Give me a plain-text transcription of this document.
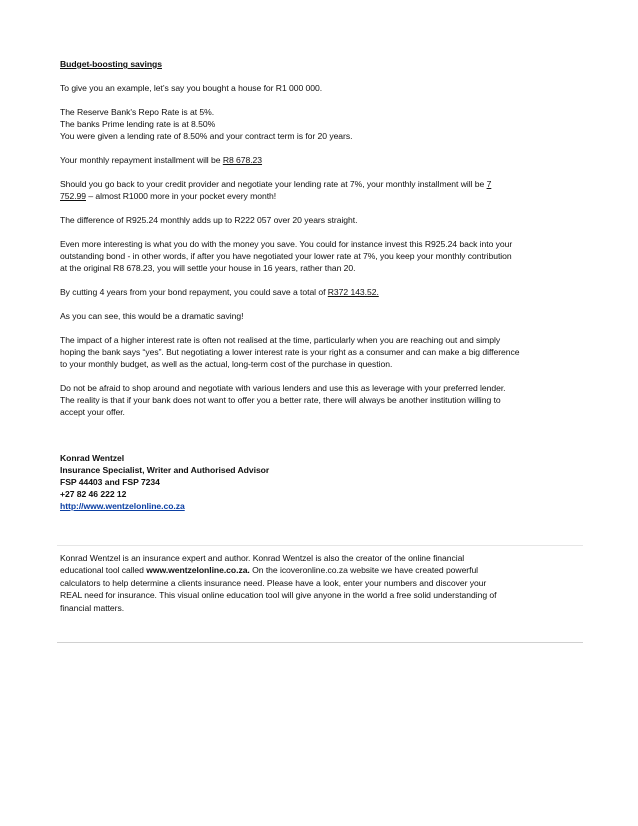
Budget-boosting savings

To give you an example, let’s say you bought a house for R1 000 000.

The Reserve Bank's Repo Rate is at 5%.

The banks Prime lending rate is at 8.50%

You were given a lending rate of 8.50% and your contract term is for 20 years.

Your monthly repayment installment will be R8 678.23

Should you go back to your credit provider and negotiate your lending rate at 7%, your monthly installment will be 7
752.99 – almost R1000 more in your pocket every month!

The difference of R925.24 monthly adds up to R222 057 over 20 years straight.

Even more interesting is what you do with the money you save. You could for instance invest this R925.24 back into your

outstanding bond - in other words, if after you have negotiated your lower rate at 7%, you keep your monthly contribution

at the original R8 678.23, you will settle your house in 16 years, rather than 20.

By cutting 4 years from your bond repayment, you could save a total of R372 143.52.

As you can see, this would be a dramatic saving!

The impact of a higher interest rate is often not realised at the time, particularly when you are reaching out and simply

hoping the bank says “yes”. But negotiating a lower interest rate is your right as a consumer and can make a big difference

to your monthly budget, as well as the actual, long-term cost of the purchase in question.

Do not be afraid to shop around and negotiate with various lenders and use this as leverage with your preferred lender.

The reality is that if your bank does not want to offer you a better rate, there will always be another institution willing to

accept your offer.

Konrad Wentzel

Insurance Specialist, Writer and Authorised Advisor

FSP 44403 and FSP 7234

+27 82 46 222 12

http://www.wentzelonline.co.za

Konrad Wentzel is an insurance expert and author. Konrad Wentzel is also the creator of the online financial

educational tool called www.wentzelonline.co.za. On the icoveronline.co.za website we have created powerful

calculators to help determine a clients insurance need. Please have a look, enter your numbers and discover your

REAL need for insurance. This visual online education tool will give anyone in the world a free solid understanding of

financial matters.
